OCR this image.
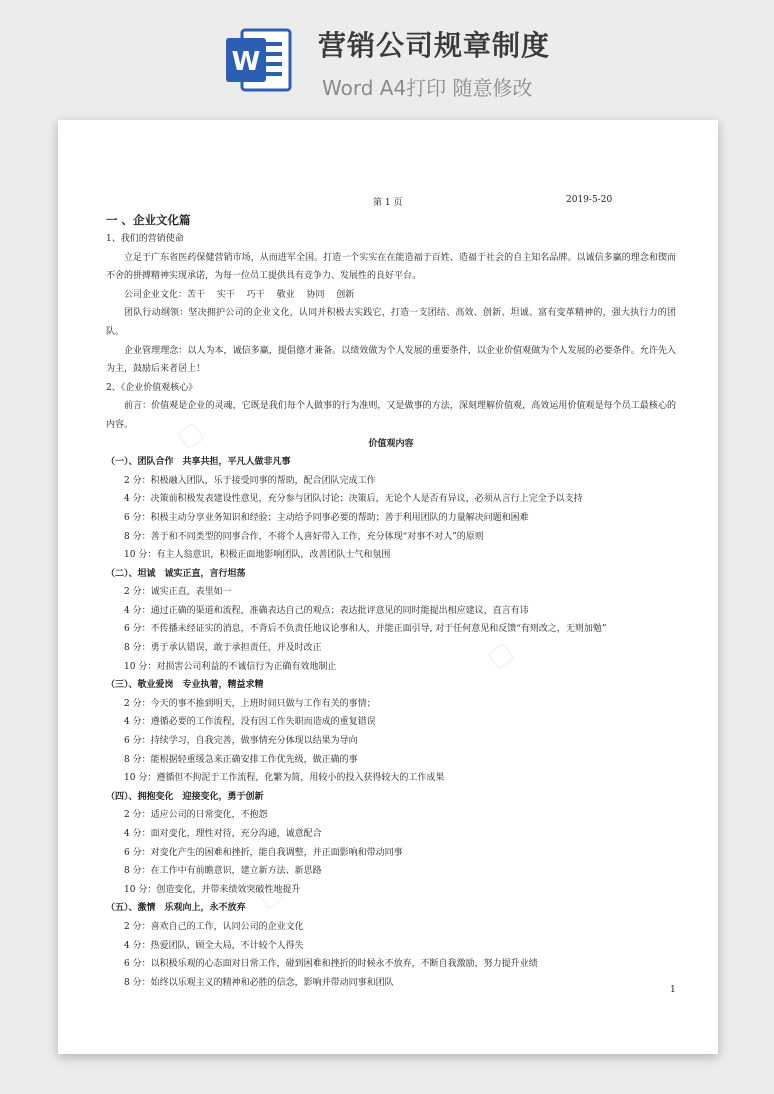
W 营销公司规章制度
Word A4打印 随意修改
▢
▢
▢
第 1 页	2019-5-20
一 、企业文化篇
1、我们的营销使命
立足于广东省医药保健营销市场，从而进军全国。打造一个实实在在能造福于百姓、造福于社会的自主知名品牌。以诚信多赢的理念和锲而不舍的拼搏精神实现承诺，为每一位员工提供具有竞争力、发展性的良好平台。
公司企业文化：苦干　 实干　 巧干　 敬业　 协同　 创新
团队行动纲领：坚决拥护公司的企业文化，认同并积极去实践它，打造一支团结、高效、创新、坦诚、富有变革精神的，强大执行力的团队。
企业管理理念：以人为本，诚信多赢，提倡德才兼备。以绩效做为个人发展的重要条件，以企业价值观做为个人发展的必要条件。允许先入为主，鼓励后来者居上！
2、《企业价值观核心》
前言：价值观是企业的灵魂，它既是我们每个人做事的行为准则，又是做事的方法，深刻理解价值观，高效运用价值观是每个员工最核心的内容。
价值观内容
（一）、团队合作　共享共担，平凡人做非凡事
2 分：积极融入团队，乐于接受同事的帮助，配合团队完成工作
4 分：决策前积极发表建设性意见，充分参与团队讨论；决策后，无论个人是否有异议，必须从言行上完全予以支持
6 分：积极主动分享业务知识和经验；主动给予同事必要的帮助；善于利用团队的力量解决问题和困难
8 分：善于和不同类型的同事合作，不将个人喜好带入工作，充分体现“对事不对人”的原则
10 分：有主人翁意识，积极正面地影响团队，改善团队士气和氛围
（二）、坦诚　诚实正直，言行坦荡
2 分：诚实正直，表里如一
4 分：通过正确的渠道和流程，准确表达自己的观点；表达批评意见的同时能提出相应建议，直言有讳
6 分：不传播未经证实的消息，不背后不负责任地议论事和人，并能正面引导, 对于任何意见和反馈“有则改之，无则加勉”
8 分：勇于承认错误，敢于承担责任，并及时改正
10 分：对损害公司利益的不诚信行为正确有效地制止
（三）、敬业爱岗　专业执着，精益求精
2 分：今天的事不推到明天，上班时间只做与工作有关的事情；
4 分：遵循必要的工作流程，没有因工作失职而造成的重复错误
6 分：持续学习，自我完善，做事情充分体现以结果为导向
8 分：能根据轻重缓急来正确安排工作优先级，做正确的事
10 分：遵循但不拘泥于工作流程，化繁为简，用较小的投入获得较大的工作成果
（四）、拥抱变化　迎接变化，勇于创新
2 分：适应公司的日常变化，不抱怨
4 分：面对变化，理性对待，充分沟通，诚意配合
6 分：对变化产生的困难和挫折，能自我调整，并正面影响和带动同事
8 分：在工作中有前瞻意识，建立新方法、新思路
10 分：创造变化，并带来绩效突破性地提升
（五）、激情　乐观向上，永不放弃
2 分：喜欢自己的工作，认同公司的企业文化
4 分：热爱团队，顾全大局，不计较个人得失
6 分：以积极乐观的心态面对日常工作，碰到困难和挫折的时候永不放弃，不断自我激励，努力提升业绩
8 分：始终以乐观主义的精神和必胜的信念，影响并带动同事和团队
1
